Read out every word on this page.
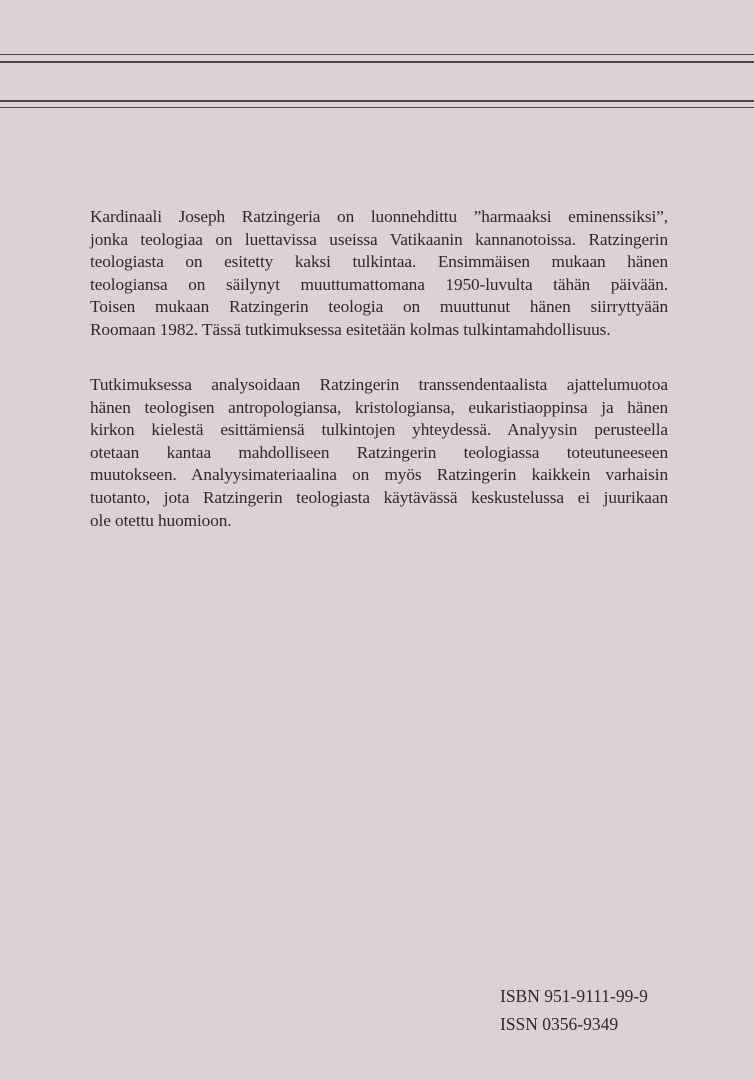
Kardinaali Joseph Ratzingeria on luonnehdittu ”harmaaksi eminenssiksi”,
jonka teologiaa on luettavissa useissa Vatikaanin kannanotoissa. Ratzingerin
teologiasta on esitetty kaksi tulkintaa. Ensimmäisen mukaan hänen
teologiansa on säilynyt muuttumattomana 1950-luvulta tähän päivään.
Toisen mukaan Ratzingerin teologia on muuttunut hänen siirryttyään
Roomaan 1982. Tässä tutkimuksessa esitetään kolmas tulkintamahdollisuus.
Tutkimuksessa analysoidaan Ratzingerin transsendentaalista ajattelumuotoa
hänen teologisen antropologiansa, kristologiansa, eukaristiaoppinsa ja hänen
kirkon kielestä esittämiensä tulkintojen yhteydessä. Analyysin perusteella
otetaan kantaa mahdolliseen Ratzingerin teologiassa toteutuneeseen
muutokseen. Analyysimateriaalina on myös Ratzingerin kaikkein varhaisin
tuotanto, jota Ratzingerin teologiasta käytävässä keskustelussa ei juurikaan
ole otettu huomioon.
ISBN 951-9111-99-9
ISSN 0356-9349
